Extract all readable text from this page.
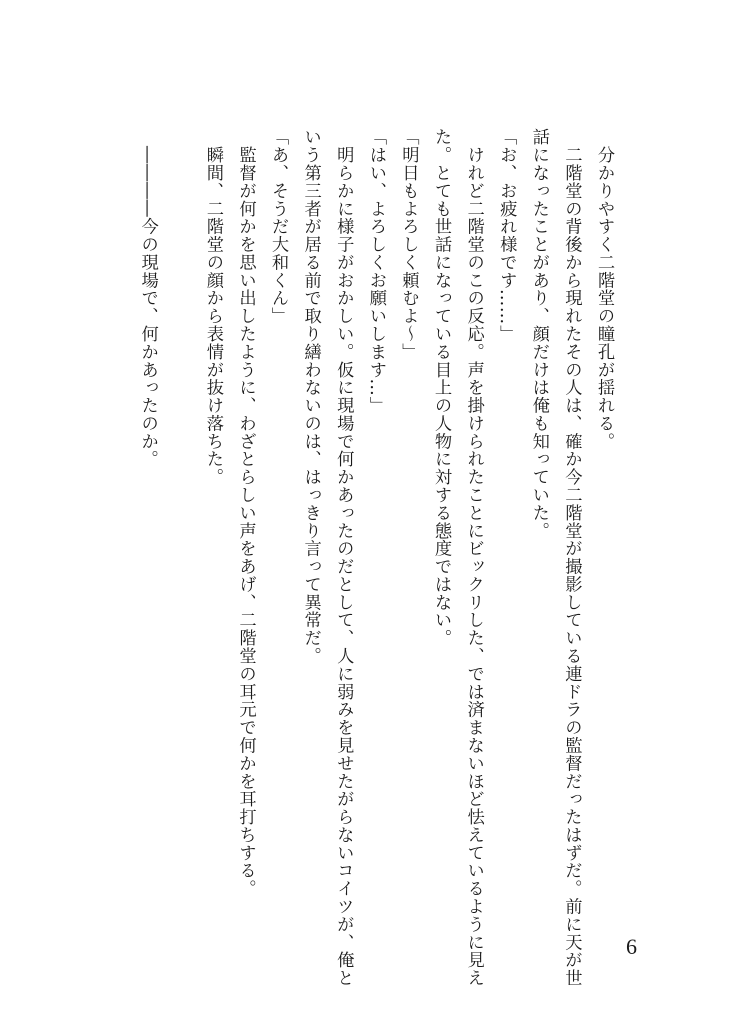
　分かりやすく二階堂の瞳孔が揺れる。
　二階堂の背後から現れたその人は、確か今二階堂が撮影している連ドラの監督だったはずだ。前に天が世
話になったことがあり、顔だけは俺も知っていた。
「お、お疲れ様です……」
　けれど二階堂のこの反応。声を掛けられたことにビックリした、では済まないほど怯えているように見え
た。とても世話になっている目上の人物に対する態度ではない。
「明日もよろしく頼むよ〜」
「はい、よろしくお願いします…」
　明らかに様子がおかしい。仮に現場で何かあったのだとして、人に弱みを見せたがらないコイツが、俺と
いう第三者が居る前で取り繕わないのは、はっきり言って異常だ。
「あ、そうだ大和くん」
　監督が何かを思い出したように、わざとらしい声をあげ、二階堂の耳元で何かを耳打ちする。
　瞬間、二階堂の顔から表情が抜け落ちた。
　――――今の現場で、何かあったのか。
6
